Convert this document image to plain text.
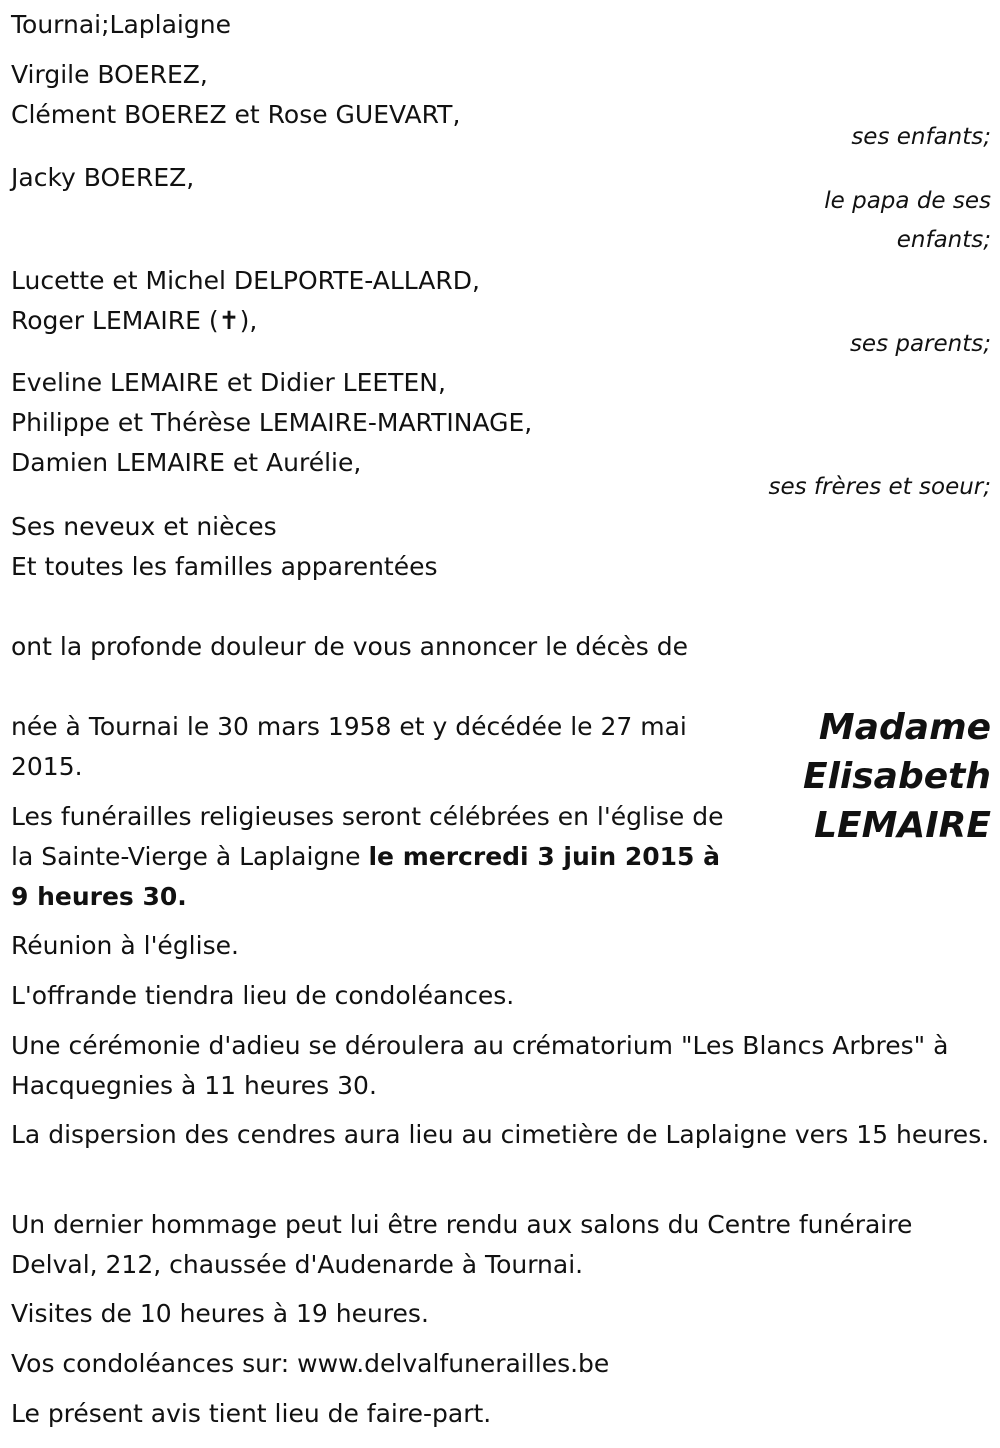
Tournai;Laplaigne
Virgile BOEREZ,
Clément BOEREZ et Rose GUEVART,
ses enfants;
Jacky BOEREZ,
le papa de ses enfants;
Lucette et Michel DELPORTE-ALLARD,
Roger LEMAIRE (✝),
ses parents;
Eveline LEMAIRE et Didier LEETEN,
Philippe et Thérèse LEMAIRE-MARTINAGE,
Damien LEMAIRE et Aurélie,
ses frères et soeur;
Ses neveux et nièces
Et toutes les familles apparentées
ont la profonde douleur de vous annoncer le décès de
Madame
Elisabeth
LEMAIRE
née à Tournai le 30 mars 1958 et y décédée le 27 mai 2015.
Les funérailles religieuses seront célébrées en l'église de la Sainte-Vierge à Laplaigne le mercredi 3 juin 2015 à 9 heures 30.
Réunion à l'église.
L'offrande tiendra lieu de condoléances.
Une cérémonie d'adieu se déroulera au crématorium "Les Blancs Arbres" à Hacquegnies à 11 heures 30.
La dispersion des cendres aura lieu au cimetière de Laplaigne vers 15 heures.
Un dernier hommage peut lui être rendu aux salons du Centre funéraire Delval, 212, chaussée d'Audenarde à Tournai.
Visites de 10 heures à 19 heures.
Vos condoléances sur: www.delvalfunerailles.be
Le présent avis tient lieu de faire-part.
